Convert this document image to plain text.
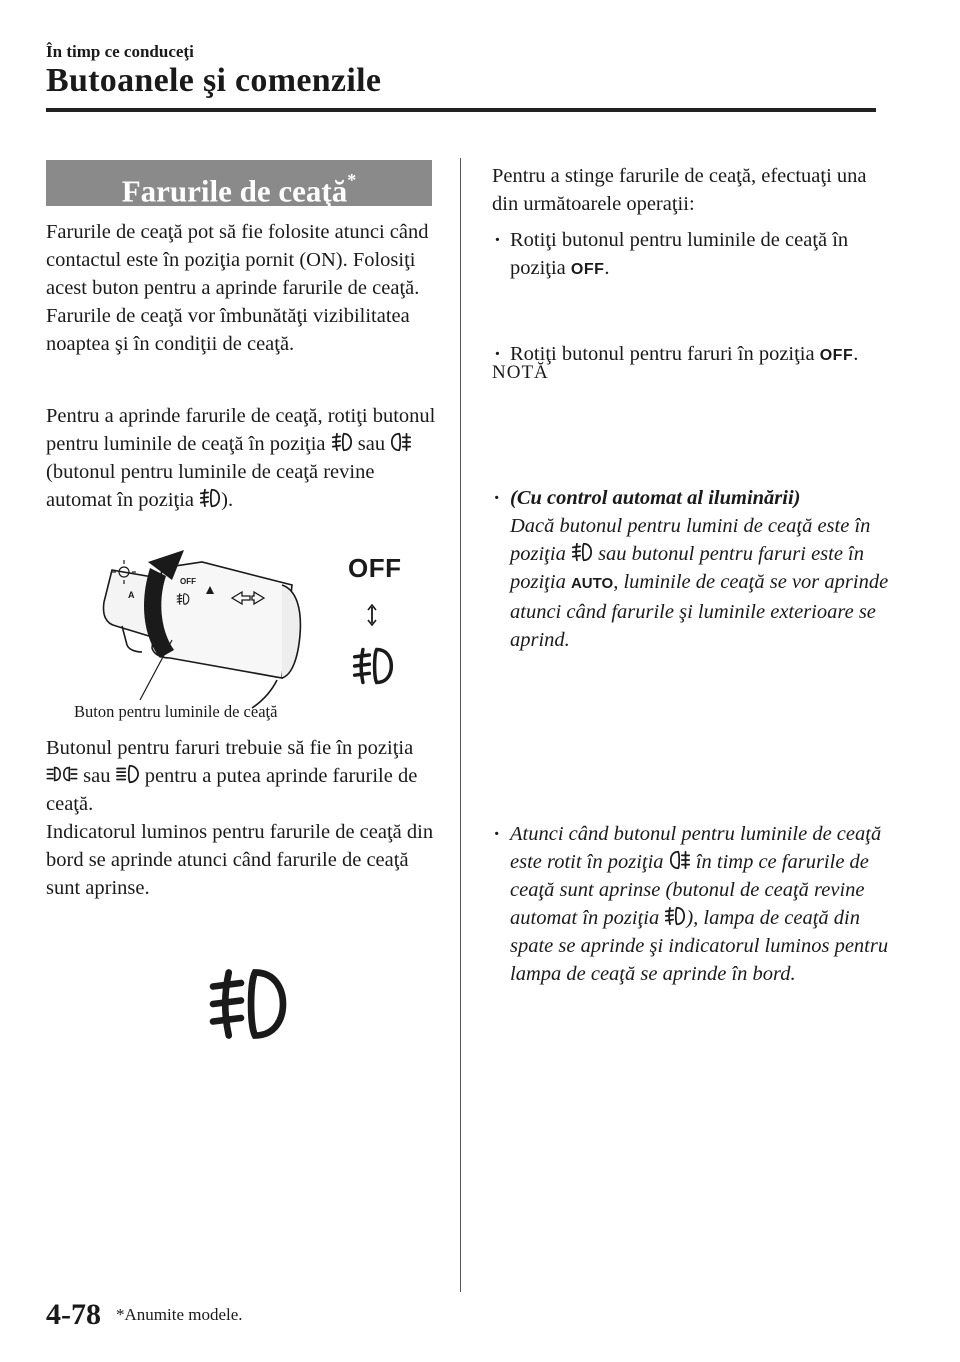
În timp ce conduceţi
Butoanele şi comenzile
Farurile de ceaţă*
Farurile de ceaţă pot să fie folosite atunci când contactul este în poziţia pornit (ON). Folosiţi acest buton pentru a aprinde farurile de ceaţă. Farurile de ceaţă vor îmbunătăţi vizibilitatea noaptea şi în condiţii de ceaţă.
Pentru a aprinde farurile de ceaţă, rotiţi butonul pentru luminile de ceaţă în poziţia sau  (butonul pentru luminile de ceaţă revine automat în poziţia ).
A
OFF	OFF
Buton pentru luminile de ceaţă
Butonul pentru faruri trebuie să fie în poziţia  sau pentru a putea aprinde farurile de ceaţă.
Indicatorul luminos pentru farurile de ceaţă din bord se aprinde atunci când farurile de ceaţă sunt aprinse.
Pentru a stinge farurile de ceaţă, efectuaţi una din următoarele operaţii:
· Rotiţi butonul pentru luminile de ceaţă în poziţia OFF.
· Rotiţi butonul pentru faruri în poziţia OFF.
NOTĂ
· (Cu control automat al iluminării)
Dacă butonul pentru lumini de ceaţă este în poziţia sau butonul pentru faruri este în poziţia AUTO, luminile de ceaţă se vor aprinde atunci când farurile şi luminile exterioare se aprind.
· Atunci când butonul pentru luminile de ceaţă este rotit în poziţia în timp ce farurile de ceaţă sunt aprinse (butonul de ceaţă revine automat în poziţia ), lampa de ceaţă din spate se aprinde şi indicatorul luminos pentru lampa de ceaţă se aprinde în bord.
4-78 *Anumite modele.
